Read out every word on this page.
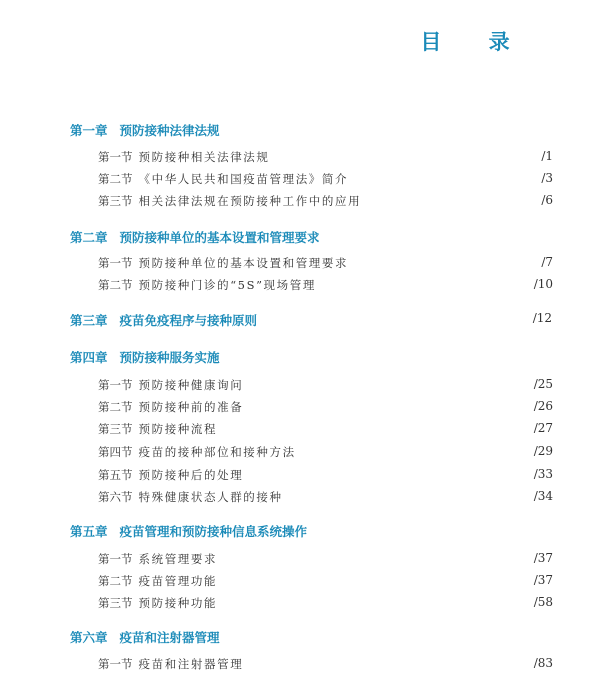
目 录
第一章 预防接种法律法规
第一节 预防接种相关法律法规	/1
第二节 《中华人民共和国疫苗管理法》简介	/3
第三节 相关法律法规在预防接种工作中的应用	/6
第二章 预防接种单位的基本设置和管理要求
第一节 预防接种单位的基本设置和管理要求	/7
第二节 预防接种门诊的“5S”现场管理	/10
第三章 疫苗免疫程序与接种原则	/12
第四章 预防接种服务实施
第一节 预防接种健康询问	/25
第二节 预防接种前的准备	/26
第三节 预防接种流程	/27
第四节 疫苗的接种部位和接种方法	/29
第五节 预防接种后的处理	/33
第六节 特殊健康状态人群的接种	/34
第五章 疫苗管理和预防接种信息系统操作
第一节 系统管理要求	/37
第二节 疫苗管理功能	/37
第三节 预防接种功能	/58
第六章 疫苗和注射器管理
第一节 疫苗和注射器管理	/83
